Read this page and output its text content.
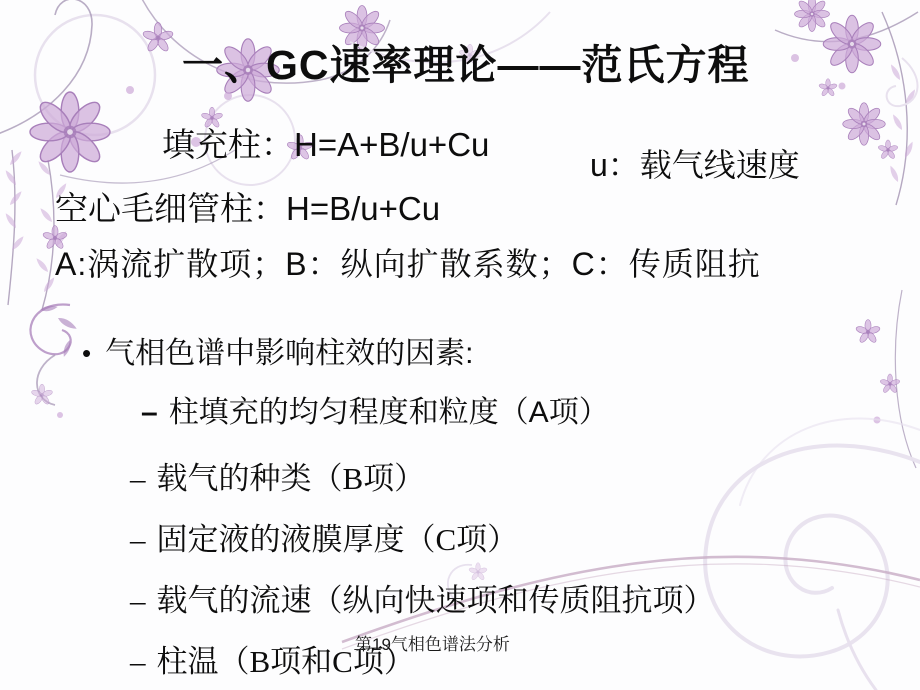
一、GC速率理论——范氏方程
填充柱：H=A+B/u+Cu
u：载气线速度
空心毛细管柱：H=B/u+Cu
A:涡流扩散项；B：纵向扩散系数；C：传质阻抗
• 气相色谱中影响柱效的因素:
– 柱填充的均匀程度和粒度（A项）
– 载气的种类（B项）
– 固定液的液膜厚度（C项）
– 载气的流速（纵向快速项和传质阻抗项）
– 柱温（B项和C项）
第19气相色谱法分析
